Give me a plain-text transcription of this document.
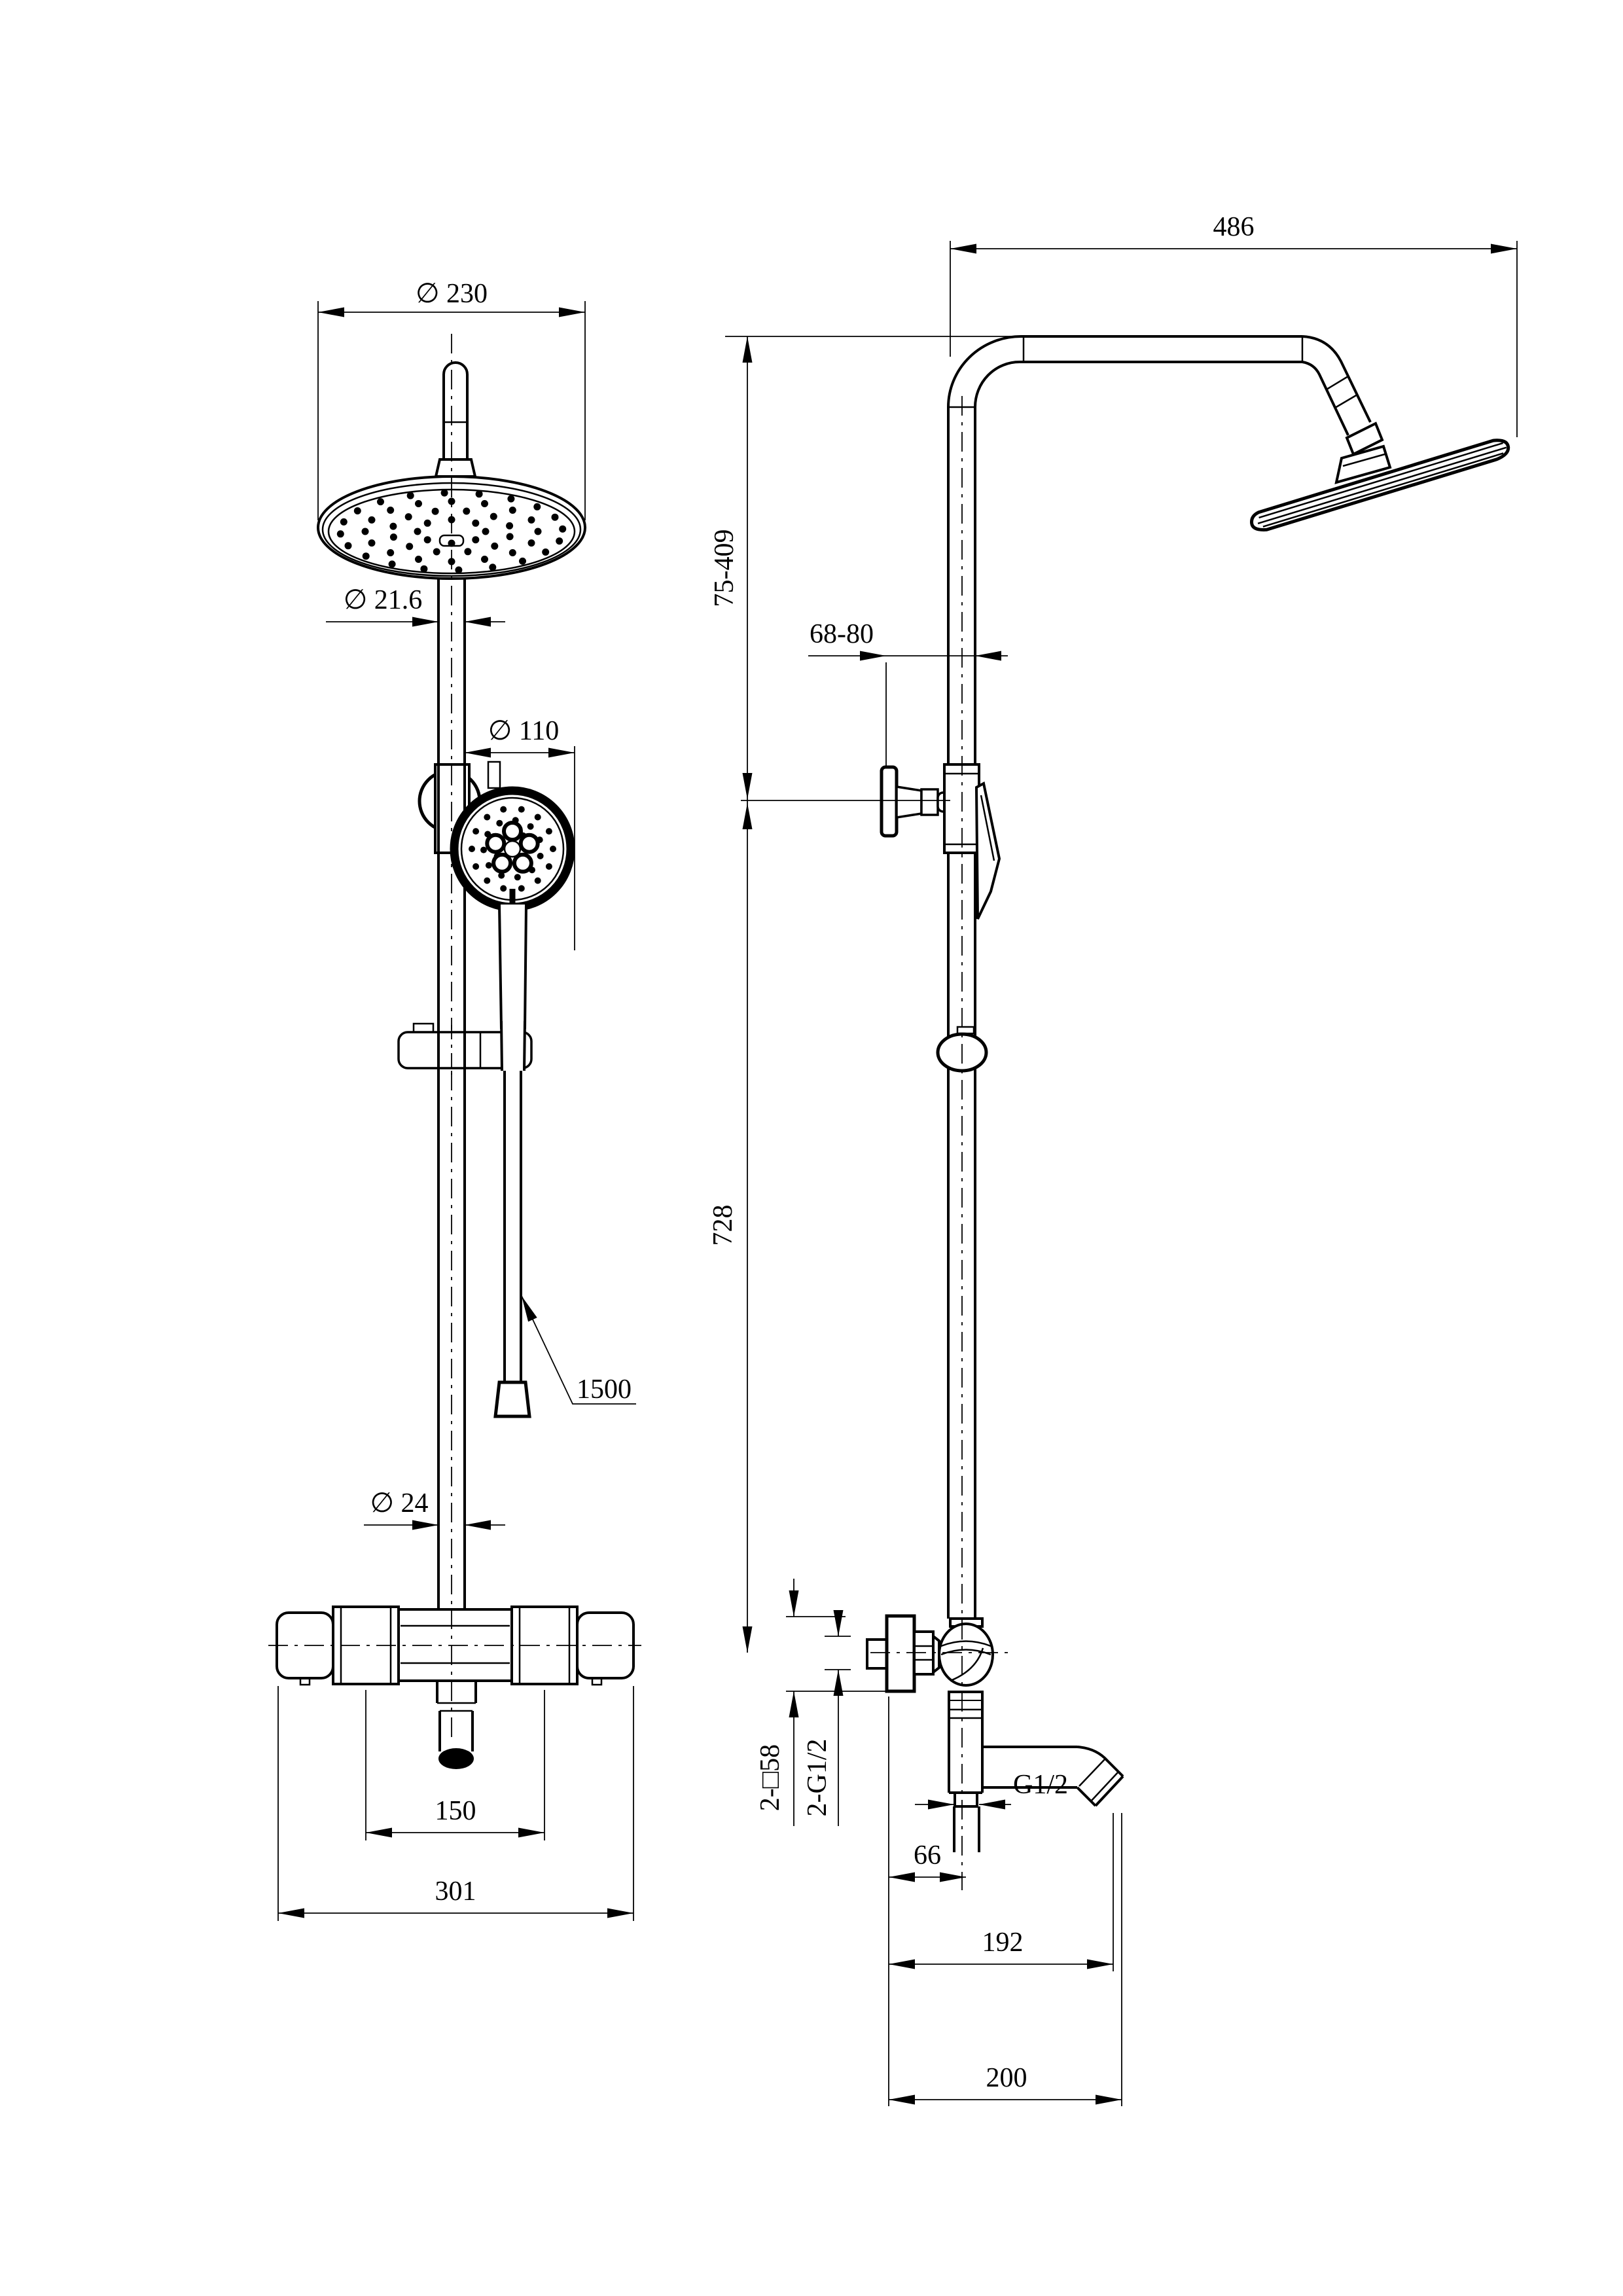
∅ 230
∅ 21.6
∅ 110
1500
∅ 24
150
301
486
75-409
728
68-80
2-□58 2-G1/2	G1/2
66
192
200
